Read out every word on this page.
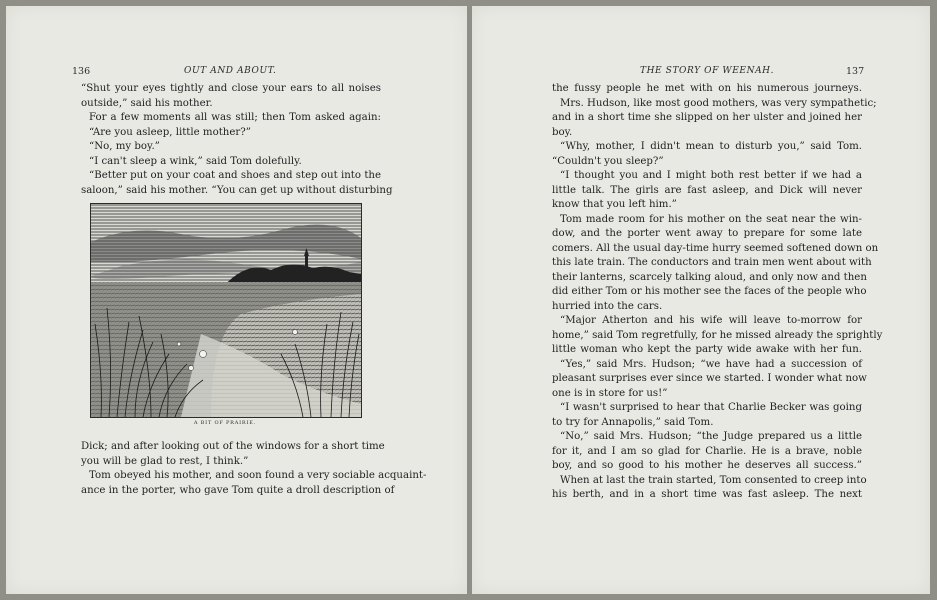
136	OUT AND ABOUT.
“Shut your eyes tightly and close your ears to all noises
outside,” said his mother.
For a few moments all was still; then Tom asked again:
“Are you asleep, little mother?”
“No, my boy.”
“I can't sleep a wink,” said Tom dolefully.
“Better put on your coat and shoes and step out into the
saloon,” said his mother. “You can get up without disturbing
A BIT OF PRAIRIE.
Dick; and after looking out of the windows for a short time
you will be glad to rest, I think.”
Tom obeyed his mother, and soon found a very sociable acquaint-
ance in the porter, who gave Tom quite a droll description of
THE STORY OF WEENAH.	137
the fussy people he met with on his numerous journeys.
Mrs. Hudson, like most good mothers, was very sympathetic;
and in a short time she slipped on her ulster and joined her
boy.
“Why, mother, I didn't mean to disturb you,” said Tom.
“Couldn't you sleep?”
“I thought you and I might both rest better if we had a
little talk. The girls are fast asleep, and Dick will never
know that you left him.”
Tom made room for his mother on the seat near the win-
dow, and the porter went away to prepare for some late
comers. All the usual day-time hurry seemed softened down on
this late train. The conductors and train men went about with
their lanterns, scarcely talking aloud, and only now and then
did either Tom or his mother see the faces of the people who
hurried into the cars.
“Major Atherton and his wife will leave to-morrow for
home,” said Tom regretfully, for he missed already the sprightly
little woman who kept the party wide awake with her fun.
“Yes,” said Mrs. Hudson; “we have had a succession of
pleasant surprises ever since we started. I wonder what now
one is in store for us!”
“I wasn't surprised to hear that Charlie Becker was going
to try for Annapolis,” said Tom.
“No,” said Mrs. Hudson; “the Judge prepared us a little
for it, and I am so glad for Charlie. He is a brave, noble
boy, and so good to his mother he deserves all success.”
When at last the train started, Tom consented to creep into
his berth, and in a short time was fast asleep. The next
